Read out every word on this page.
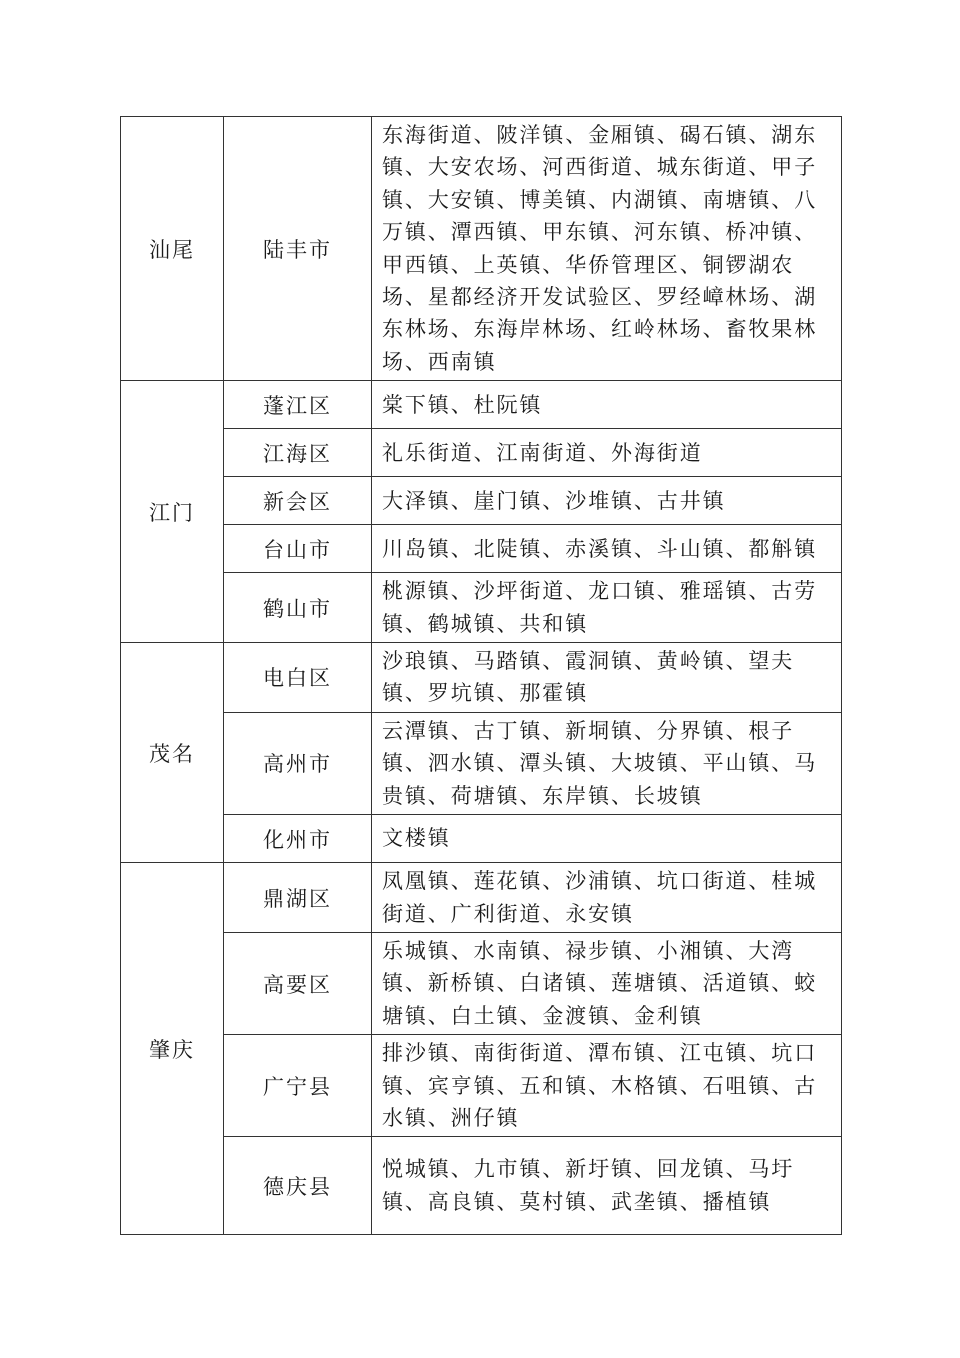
汕尾	陆丰市	东海街道、陂洋镇、金厢镇、碣石镇、湖东镇、大安农场、河西街道、城东街道、甲子镇、大安镇、博美镇、内湖镇、南塘镇、八万镇、潭西镇、甲东镇、河东镇、桥冲镇、甲西镇、上英镇、华侨管理区、铜锣湖农场、星都经济开发试验区、罗经嶂林场、湖东林场、东海岸林场、红岭林场、畜牧果林场、西南镇
江门	蓬江区	棠下镇、杜阮镇
	江海区	礼乐街道、江南街道、外海街道
	新会区	大泽镇、崖门镇、沙堆镇、古井镇
	台山市	川岛镇、北陡镇、赤溪镇、斗山镇、都斛镇
	鹤山市	桃源镇、沙坪街道、龙口镇、雅瑶镇、古劳镇、鹤城镇、共和镇
茂名	电白区	沙琅镇、马踏镇、霞洞镇、黄岭镇、望夫镇、罗坑镇、那霍镇
	高州市	云潭镇、古丁镇、新垌镇、分界镇、根子镇、泗水镇、潭头镇、大坡镇、平山镇、马贵镇、荷塘镇、东岸镇、长坡镇
	化州市	文楼镇
肇庆	鼎湖区	凤凰镇、莲花镇、沙浦镇、坑口街道、桂城街道、广利街道、永安镇
	高要区	乐城镇、水南镇、禄步镇、小湘镇、大湾镇、新桥镇、白诸镇、莲塘镇、活道镇、蛟塘镇、白土镇、金渡镇、金利镇
	广宁县	排沙镇、南街街道、潭布镇、江屯镇、坑口镇、宾亨镇、五和镇、木格镇、石咀镇、古水镇、洲仔镇
	德庆县	悦城镇、九市镇、新圩镇、回龙镇、马圩镇、高良镇、莫村镇、武垄镇、播植镇
